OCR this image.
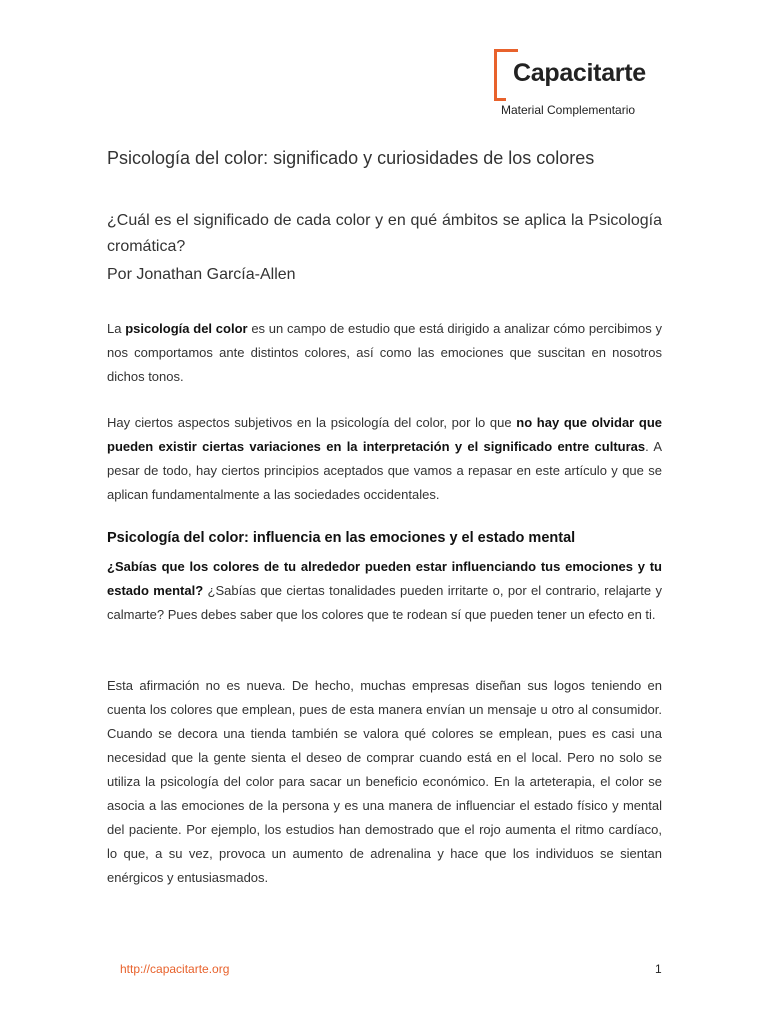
Capacitarte
Material Complementario
Psicología del color: significado y curiosidades de los colores

¿Cuál es el significado de cada color y en qué ámbitos se aplica la Psicología cromática?

Por Jonathan García-Allen

La psicología del color es un campo de estudio que está dirigido a analizar cómo percibimos y nos comportamos ante distintos colores, así como las emociones que suscitan en nosotros dichos tonos.

Hay ciertos aspectos subjetivos en la psicología del color, por lo que no hay que olvidar que pueden existir ciertas variaciones en la interpretación y el significado entre culturas. A pesar de todo, hay ciertos principios aceptados que vamos a repasar en este artículo y que se aplican fundamentalmente a las sociedades occidentales.

Psicología del color: influencia en las emociones y el estado mental

¿Sabías que los colores de tu alrededor pueden estar influenciando tus emociones y tu estado mental? ¿Sabías que ciertas tonalidades pueden irritarte o, por el contrario, relajarte y calmarte? Pues debes saber que los colores que te rodean sí que pueden tener un efecto en ti.

Esta afirmación no es nueva. De hecho, muchas empresas diseñan sus logos teniendo en cuenta los colores que emplean, pues de esta manera envían un mensaje u otro al consumidor. Cuando se decora una tienda también se valora qué colores se emplean, pues es casi una necesidad que la gente sienta el deseo de comprar cuando está en el local. Pero no solo se utiliza la psicología del color para sacar un beneficio económico. En la arteterapia, el color se asocia a las emociones de la persona y es una manera de influenciar el estado físico y mental del paciente. Por ejemplo, los estudios han demostrado que el rojo aumenta el ritmo cardíaco, lo que, a su vez, provoca un aumento de adrenalina y hace que los individuos se sientan enérgicos y entusiasmados.

http://capacitarte.org	1
